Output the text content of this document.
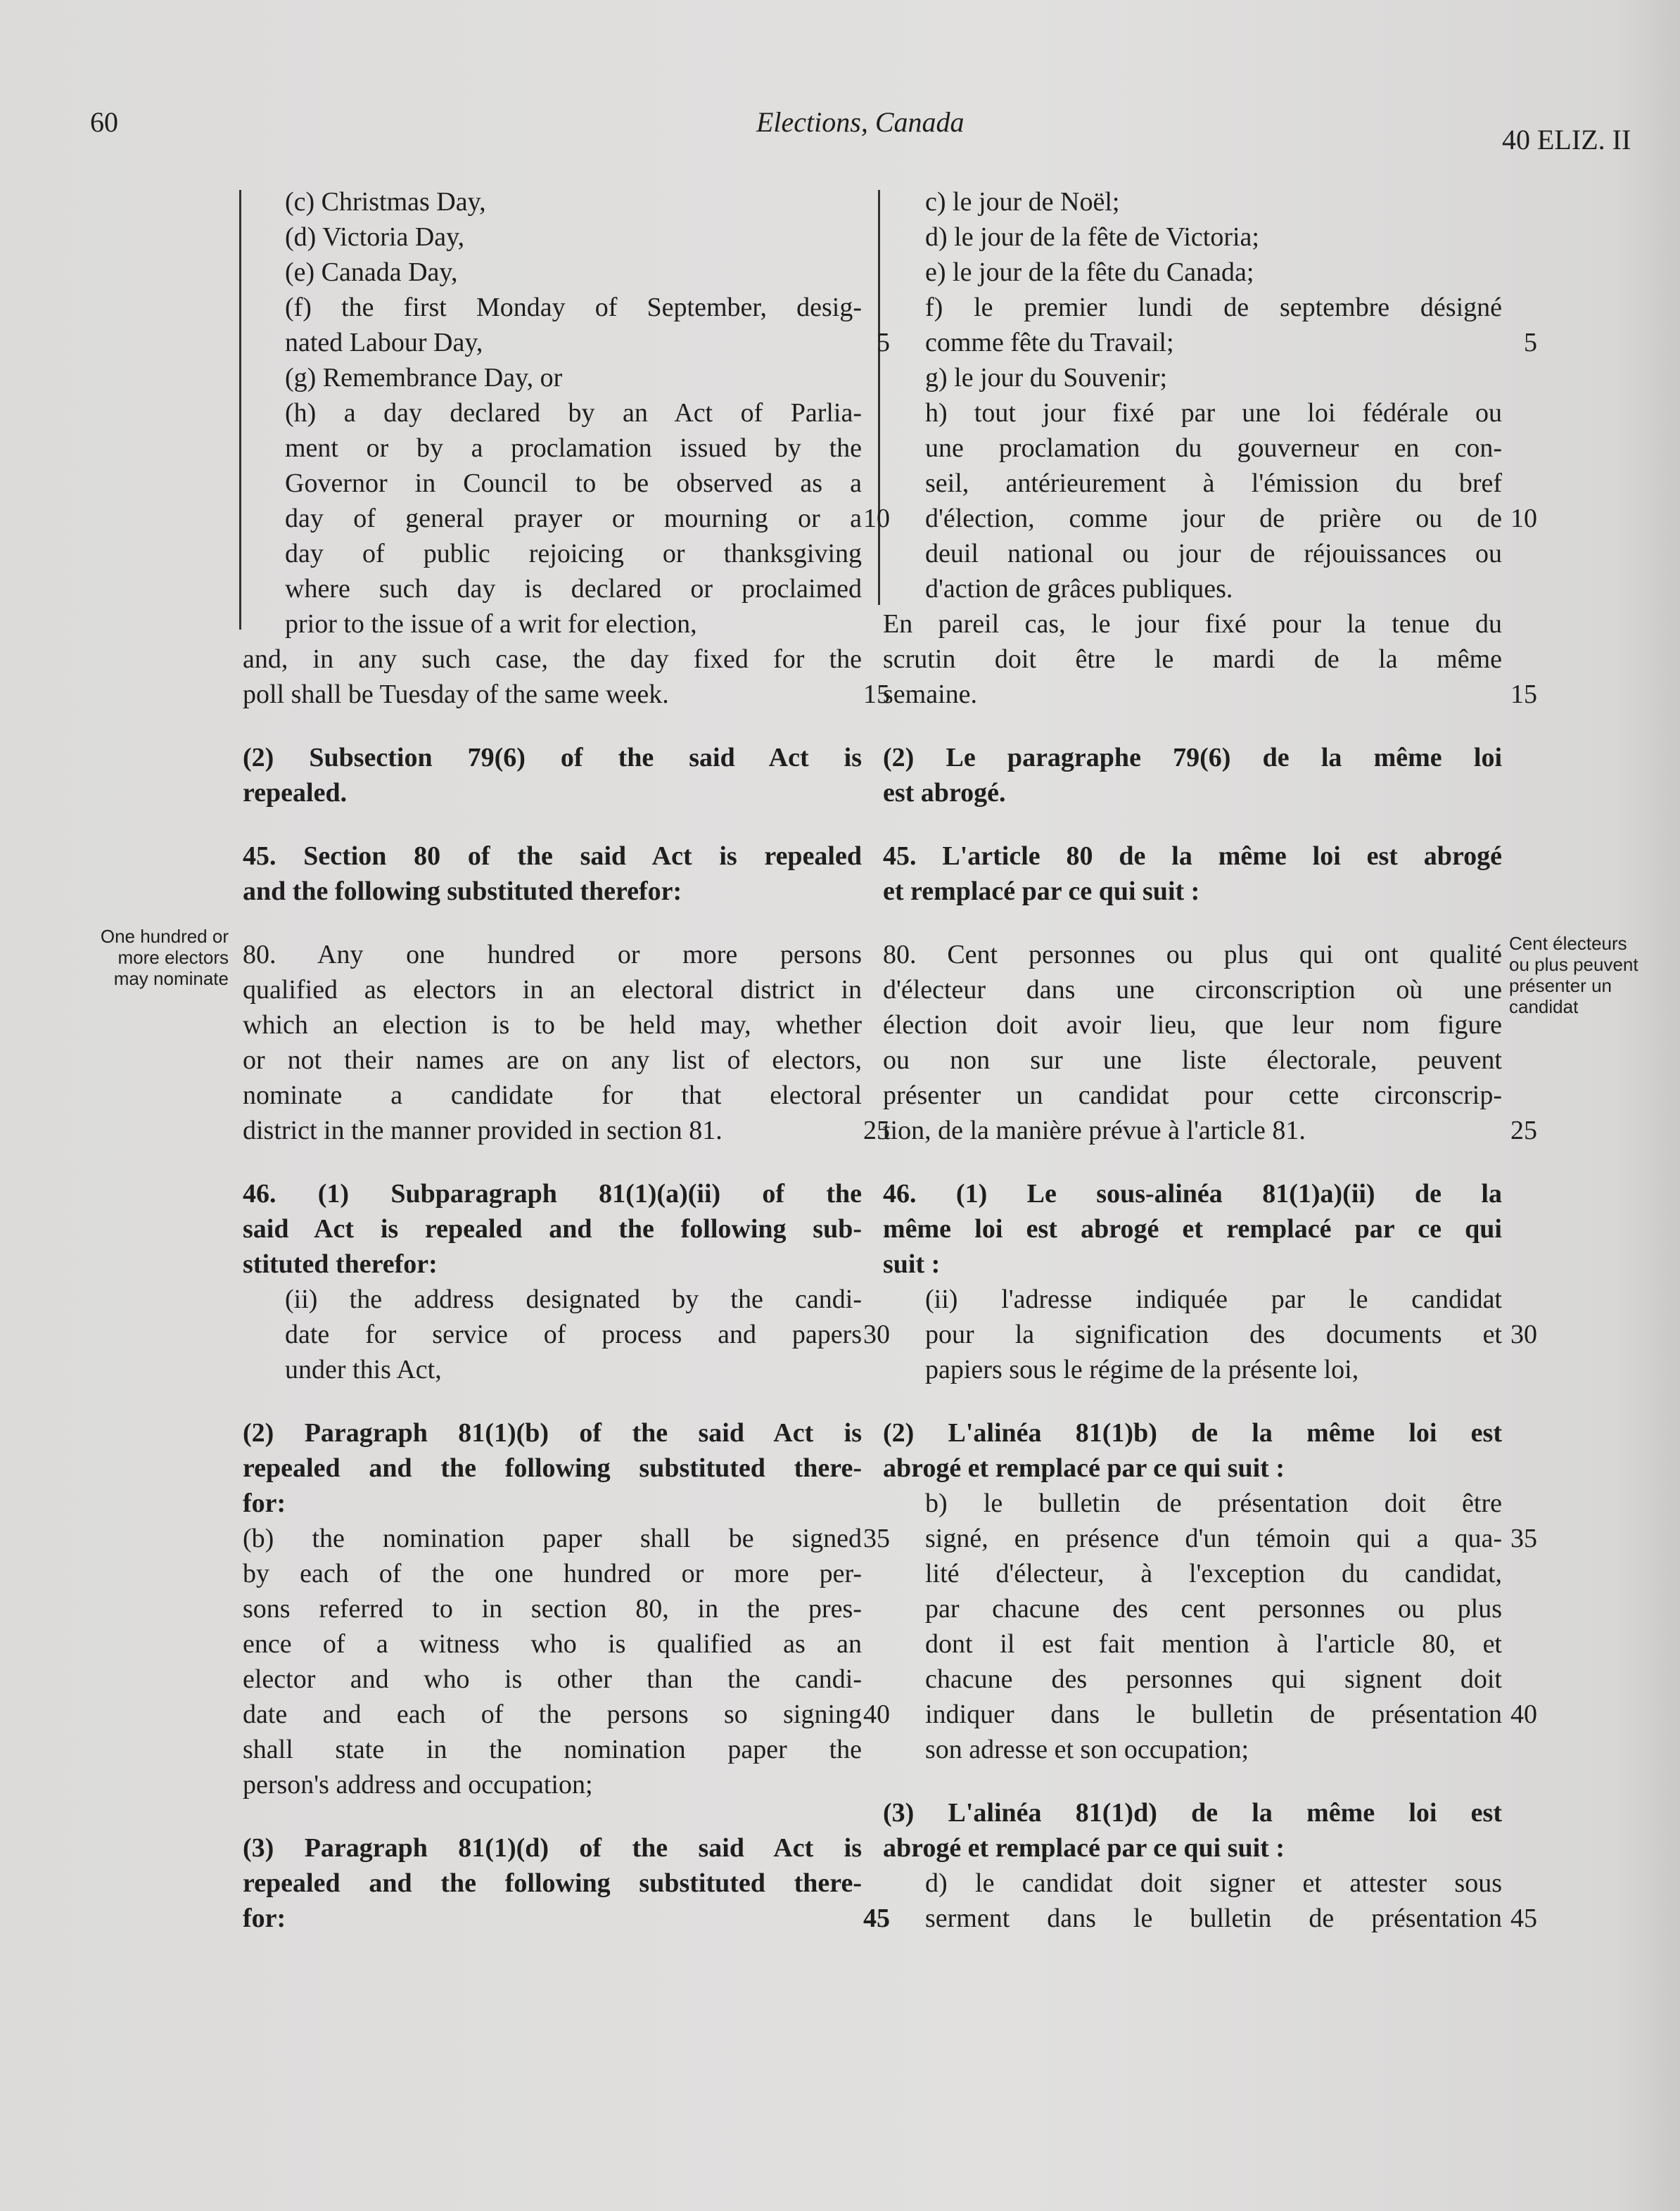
60	Elections, Canada
40 ELIZ. II
One hundred or
more electors
may nominate
Cent électeurs
ou plus peuvent
présenter un
candidat
(c) Christmas Day,
(d) Victoria Day,
(e) Canada Day,
(f) the first Monday of September, desig-
nated Labour Day,	5
(g) Remembrance Day, or
(h) a day declared by an Act of Parlia-
ment or by a proclamation issued by the
Governor in Council to be observed as a
day of general prayer or mourning or a 10
day of public rejoicing or thanksgiving
where such day is declared or proclaimed
prior to the issue of a writ for election,
and, in any such case, the day fixed for the
poll shall be Tuesday of the same week.	15
(2) Subsection 79(6) of the said Act is
repealed.
45. Section 80 of the said Act is repealed
and the following substituted therefor:
80. Any one hundred or more persons
qualified as electors in an electoral district in
which an election is to be held may, whether
or not their names are on any list of electors,
nominate a candidate for that electoral
district in the manner provided in section 81.	25
46. (1) Subparagraph 81(1)(a)(ii) of the
said Act is repealed and the following sub-
stituted therefor:
(ii) the address designated by the candi-
date for service of process and papers 30
under this Act,
(2) Paragraph 81(1)(b) of the said Act is
repealed and the following substituted there-
for:
(b) the nomination paper shall be signed 35
by each of the one hundred or more per-
sons referred to in section 80, in the pres-
ence of a witness who is qualified as an
elector and who is other than the candi-
date and each of the persons so signing 40
shall state in the nomination paper the
person's address and occupation;
(3) Paragraph 81(1)(d) of the said Act is
repealed and the following substituted there-
for:	45
c) le jour de Noël;
d) le jour de la fête de Victoria;
e) le jour de la fête du Canada;
f) le premier lundi de septembre désigné
comme fête du Travail;	5
g) le jour du Souvenir;
h) tout jour fixé par une loi fédérale ou
une proclamation du gouverneur en con-
seil, antérieurement à l'émission du bref
d'élection, comme jour de prière ou de 10
deuil national ou jour de réjouissances ou
d'action de grâces publiques.
En pareil cas, le jour fixé pour la tenue du
scrutin doit être le mardi de la même
semaine.	15
(2) Le paragraphe 79(6) de la même loi
est abrogé.
45. L'article 80 de la même loi est abrogé
et remplacé par ce qui suit :
80. Cent personnes ou plus qui ont qualité
d'électeur dans une circonscription où une
élection doit avoir lieu, que leur nom figure
ou non sur une liste électorale, peuvent
présenter un candidat pour cette circonscrip-
tion, de la manière prévue à l'article 81.	25
46. (1) Le sous-alinéa 81(1)a)(ii) de la
même loi est abrogé et remplacé par ce qui
suit :
(ii) l'adresse indiquée par le candidat
pour la signification des documents et 30
papiers sous le régime de la présente loi,
(2) L'alinéa 81(1)b) de la même loi est
abrogé et remplacé par ce qui suit :
b) le bulletin de présentation doit être
signé, en présence d'un témoin qui a qua- 35
lité d'électeur, à l'exception du candidat,
par chacune des cent personnes ou plus
dont il est fait mention à l'article 80, et
chacune des personnes qui signent doit
indiquer dans le bulletin de présentation 40
son adresse et son occupation;
(3) L'alinéa 81(1)d) de la même loi est
abrogé et remplacé par ce qui suit :
d) le candidat doit signer et attester sous
serment dans le bulletin de présentation 45
